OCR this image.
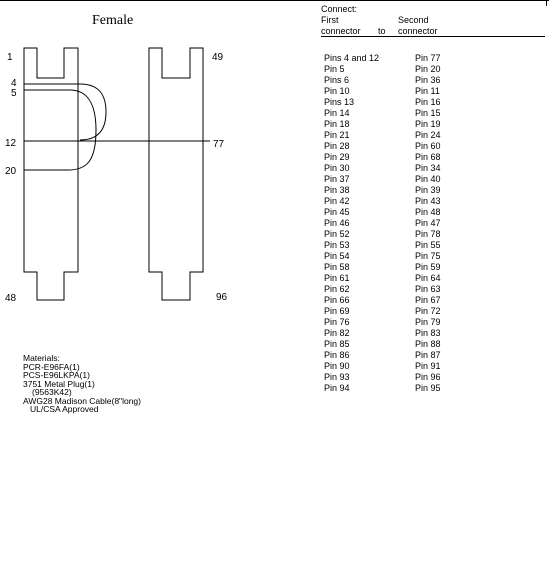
Female
1
4
5
12
20
48
49
77
96
Connect:
First	Second
connector to connector
Pins 4 and 12	Pin 77
Pin 5	Pin 20
Pins 6	Pin 36
Pin 10	Pin 11
Pins 13	Pin 16
Pin 14	Pin 15
Pin 18	Pin 19
Pin 21	Pin 24
Pin 28	Pin 60
Pin 29	Pin 68
Pin 30	Pin 34
Pin 37	Pin 40
Pin 38	Pin 39
Pin 42	Pin 43
Pin 45	Pin 48
Pin 46	Pin 47
Pin 52	Pin 78
Pin 53	Pin 55
Pin 54	Pin 75
Pin 58	Pin 59
Pin 61	Pin 64
Pin 62	Pin 63
Pin 66	Pin 67
Pin 69	Pin 72
Pin 76	Pin 79
Pin 82	Pin 83
Pin 85	Pin 88
Pin 86	Pin 87
Pin 90	Pin 91
Pin 93	Pin 96
Pin 94	Pin 95
Materials:
PCR-E96FA(1)
PCS-E96LKPA(1)
3751 Metal Plug(1)
(9563K42)
AWG28 Madison Cable(8"long)
UL/CSA Approved
